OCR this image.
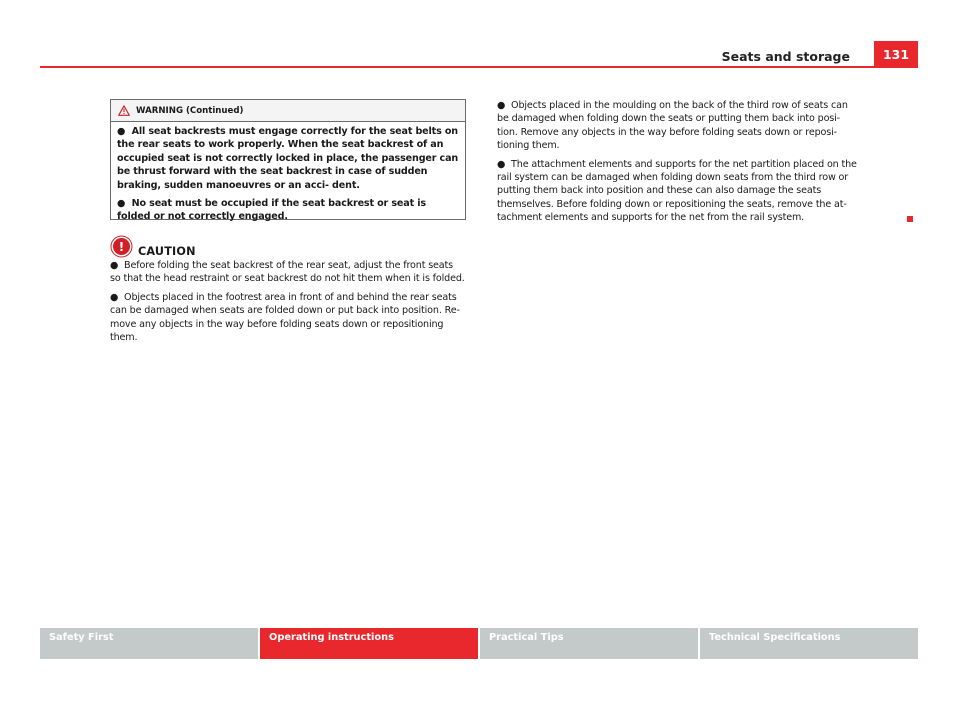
Seats and storage	131
WARNING (Continued)

● All seat backrests must engage correctly for the seat belts on the rear seats to work properly. When the seat backrest of an occupied seat is not correctly locked in place, the passenger can be thrust forward with the seat backrest in case of sudden braking, sudden manoeuvres or an acci- dent.

● No seat must be occupied if the seat backrest or seat is folded or not correctly engaged.

!	CAUTION

● Before folding the seat backrest of the rear seat, adjust the front seats so that the head restraint or seat backrest do not hit them when it is folded.

● Objects placed in the footrest area in front of and behind the rear seats can be damaged when seats are folded down or put back into position. Re- move any objects in the way before folding seats down or repositioning them.

● Objects placed in the moulding on the back of the third row of seats can be damaged when folding down the seats or putting them back into posi- tion. Remove any objects in the way before folding seats down or reposi- tioning them.

● The attachment elements and supports for the net partition placed on the rail system can be damaged when folding down seats from the third row or putting them back into position and these can also damage the seats themselves. Before folding down or repositioning the seats, remove the at- tachment elements and supports for the net from the rail system.

Safety First	Operating instructions	Practical Tips	Technical Specifications
